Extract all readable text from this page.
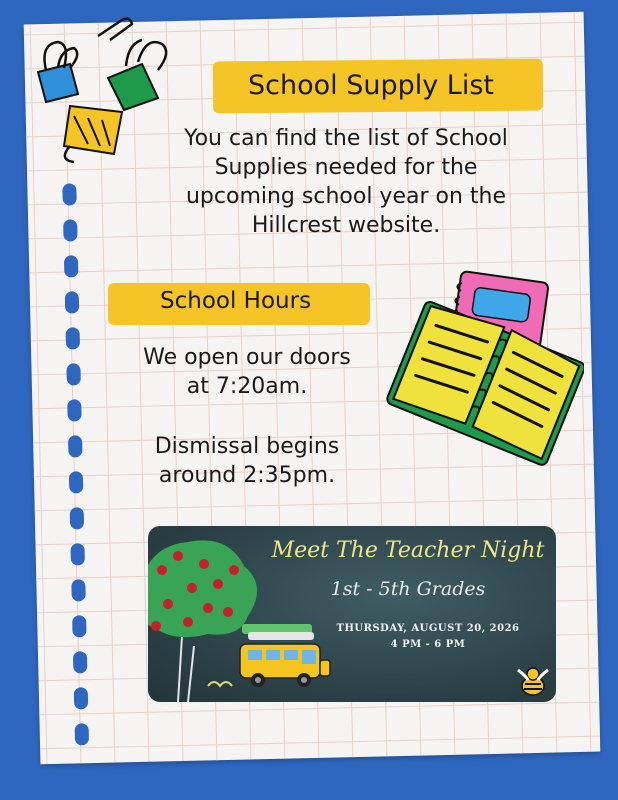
School Supply List
You can find the list of School
Supplies needed for the
upcoming school year on the
Hillcrest website.
School Hours
We open our doors
at 7:20am.
Dismissal begins
around 2:35pm.
Meet The Teacher Night
1st - 5th Grades
THURSDAY, AUGUST 20, 2026
4 PM - 6 PM
